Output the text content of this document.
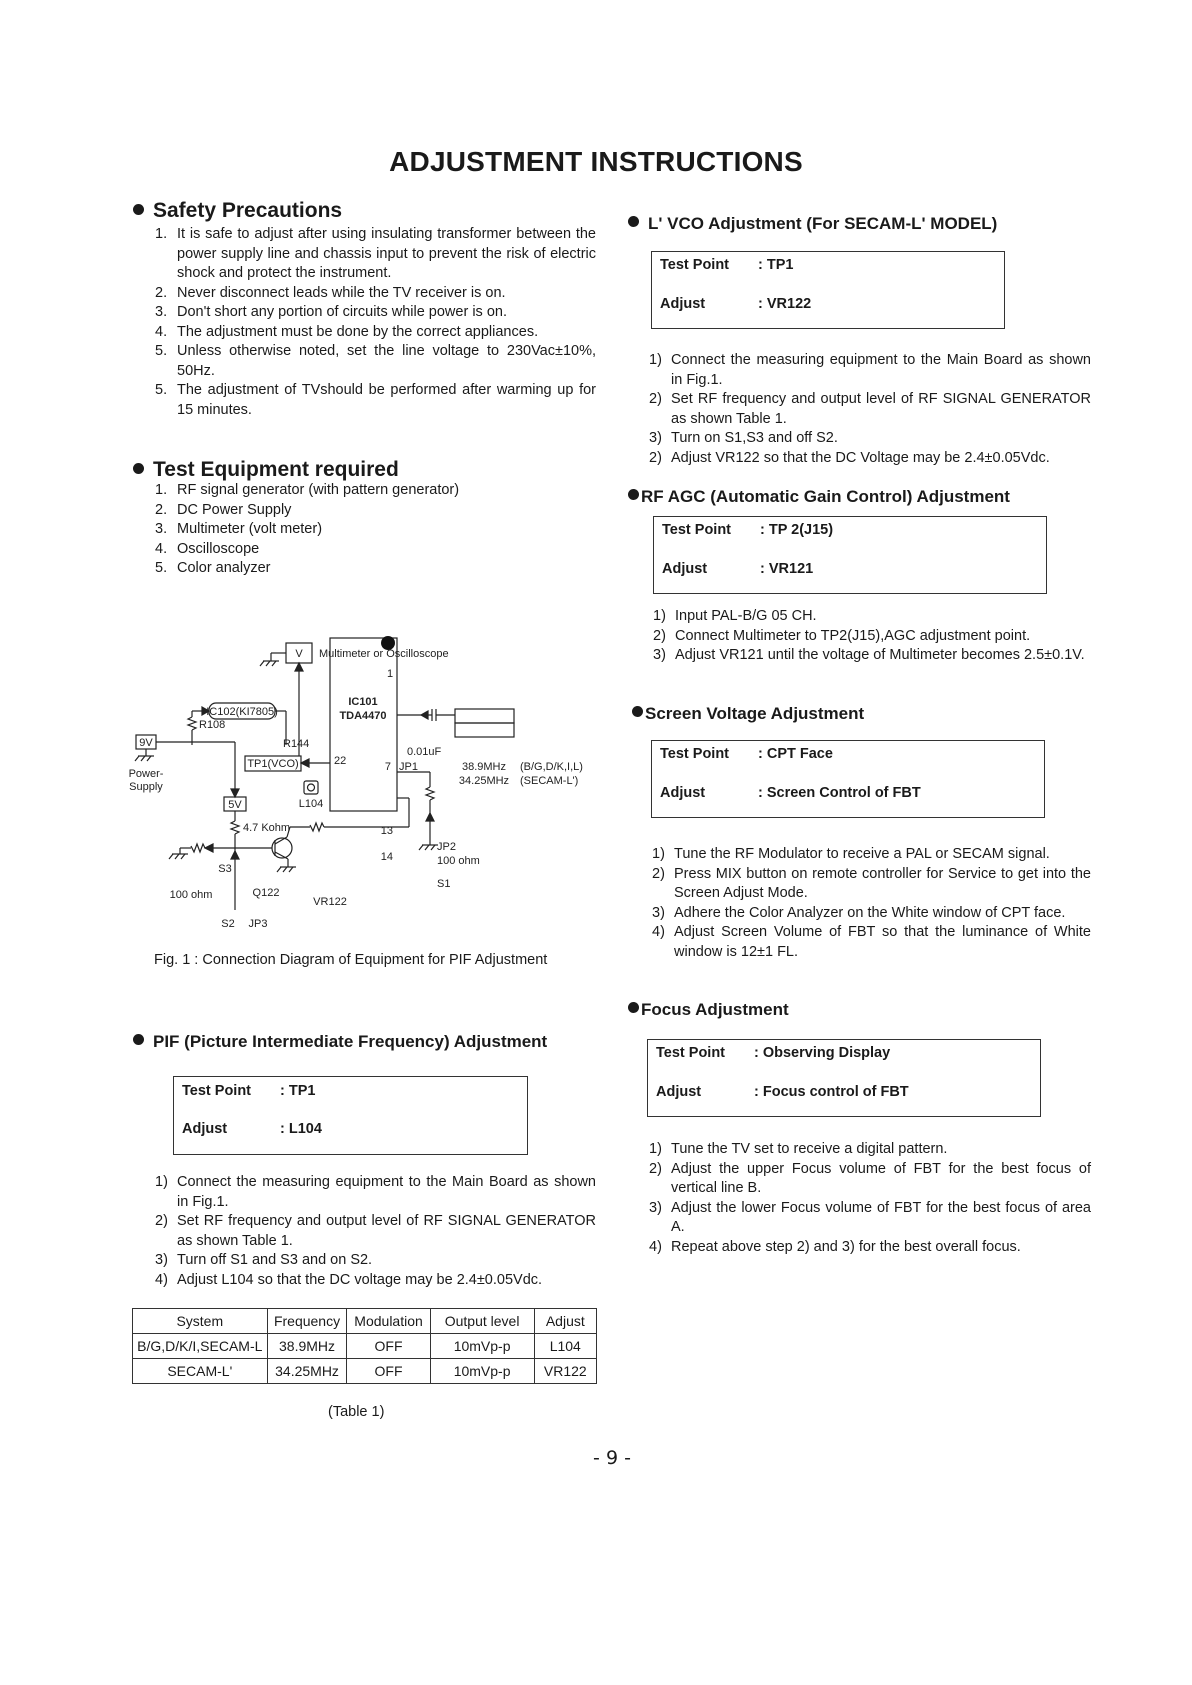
ADJUSTMENT INSTRUCTIONS
Safety Precautions
1. It is safe to adjust after using insulating transformer between the power supply line and chassis input to prevent the risk of electric shock and protect the instrument.
2. Never disconnect leads while the TV receiver is on.
3. Don't short any portion of circuits while power is on.
4. The adjustment must be done by the correct appliances.
5. Unless otherwise noted, set the line voltage to 230Vac±10%, 50Hz.
5. The adjustment of TVshould be performed after warming up for 15 minutes.
Test Equipment required
1. RF signal generator (with pattern generator)
2. DC Power Supply
3. Multimeter (volt meter)
4. Oscilloscope
5. Color analyzer
V Multimeter or Oscilloscope
IC102(KI7805)
R108
9V
Power-
Supply
R144
TP1(VCO)
5V	L104
4.7 Kohm
S3
100 ohm	Q122
VR122
S2 JP3
IC101
TDA4470
1
22	7
13
14
JP1
0.01uF
38.9MHz
34.25MHz
(B/G,D/K,I,L)
(SECAM-L')
JP2
100 ohm
S1
Fig. 1 : Connection Diagram of Equipment for PIF Adjustment
PIF (Picture Intermediate Frequency) Adjustment
Test Point : TP1
Adjust	: L104
1) Connect the measuring equipment to the Main Board as shown in Fig.1.
2) Set RF frequency and output level of RF SIGNAL GENERATOR as shown Table 1.
3) Turn off S1 and S3 and on S2.
4) Adjust L104 so that the DC voltage may be 2.4±0.05Vdc.
System	Frequency	Modulation	Output level	Adjust
B/G,D/K/I,SECAM-L	38.9MHz	OFF	10mVp-p	L104
SECAM-L'	34.25MHz	OFF	10mVp-p	VR122
(Table 1)
L' VCO Adjustment (For SECAM-L' MODEL)
Test Point : TP1
Adjust	: VR122
1) Connect the measuring equipment to the Main Board as shown in Fig.1.
2) Set RF frequency and output level of RF SIGNAL GENERATOR as shown Table 1.
3) Turn on S1,S3 and off S2.
2) Adjust VR122 so that the DC Voltage may be 2.4±0.05Vdc.
RF AGC (Automatic Gain Control) Adjustment
Test Point : TP 2(J15)
Adjust	: VR121
1) Input PAL-B/G 05 CH.
2) Connect Multimeter to TP2(J15),AGC adjustment point.
3) Adjust VR121 until the voltage of Multimeter becomes 2.5±0.1V.
Screen Voltage Adjustment
Test Point : CPT Face
Adjust	: Screen Control of FBT
1) Tune the RF Modulator to receive a PAL or SECAM signal.
2) Press MIX button on remote controller for Service to get into the Screen Adjust Mode.
3) Adhere the Color Analyzer on the White window of CPT face.
4) Adjust Screen Volume of FBT so that the luminance of White window is 12±1 FL.
Focus Adjustment
Test Point : Observing Display
Adjust	: Focus control of FBT
1) Tune the TV set to receive a digital pattern.
2) Adjust the upper Focus volume of FBT for the best focus of vertical line B.
3) Adjust the lower Focus volume of FBT for the best focus of area A.
4) Repeat above step 2) and 3) for the best overall focus.
- 9 -
